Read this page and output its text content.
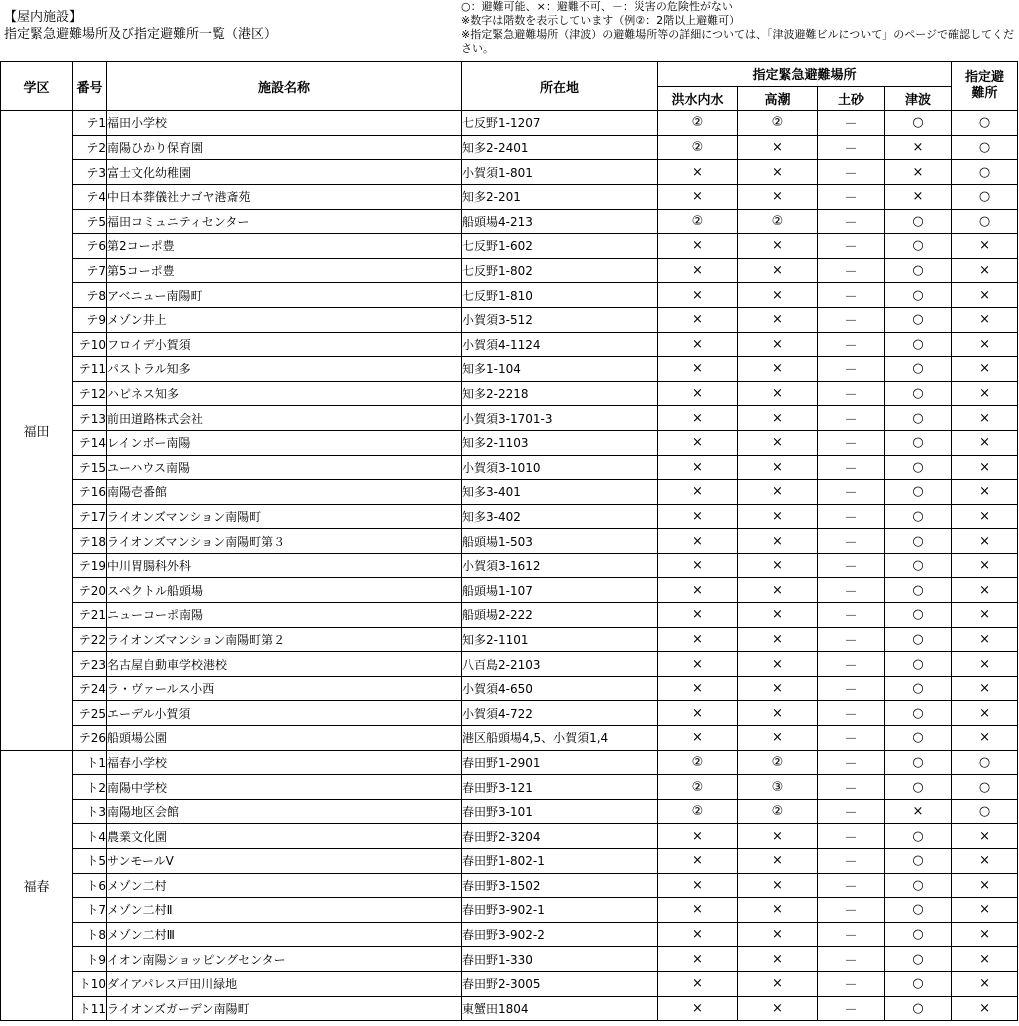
【屋内施設】
指定緊急避難場所及び指定避難所一覧（港区）
○：避難可能、×：避難不可、－：災害の危険性がない
※数字は階数を表示しています（例②：2階以上避難可）
※指定緊急避難場所（津波）の避難場所等の詳細については、「津波避難ビルについて」のページで確認してください。
学区	番号	施設名称	所在地	指定緊急避難場所				指定避難所
				洪水内水	高潮	土砂	津波	
福田	テ1	福田小学校	七反野1-1207	②	②	－	○	○
	テ2	南陽ひかり保育園	知多2-2401	②	×	－	×	○
	テ3	富士文化幼稚園	小賀須1-801	×	×	－	×	○
	テ4	中日本葬儀社ナゴヤ港斎苑	知多2-201	×	×	－	×	○
	テ5	福田コミュニティセンター	船頭場4-213	②	②	－	○	○
	テ6	第2コーポ豊	七反野1-602	×	×	－	○	×
	テ7	第5コーポ豊	七反野1-802	×	×	－	○	×
	テ8	アベニュー南陽町	七反野1-810	×	×	－	○	×
	テ9	メゾン井上	小賀須3-512	×	×	－	○	×
	テ10	フロイデ小賀須	小賀須4-1124	×	×	－	○	×
	テ11	パストラル知多	知多1-104	×	×	－	○	×
	テ12	ハピネス知多	知多2-2218	×	×	－	○	×
	テ13	前田道路株式会社	小賀須3-1701-3	×	×	－	○	×
	テ14	レインボー南陽	知多2-1103	×	×	－	○	×
	テ15	ユーハウス南陽	小賀須3-1010	×	×	－	○	×
	テ16	南陽壱番館	知多3-401	×	×	－	○	×
	テ17	ライオンズマンション南陽町	知多3-402	×	×	－	○	×
	テ18	ライオンズマンション南陽町第３	船頭場1-503	×	×	－	○	×
	テ19	中川胃腸科外科	小賀須3-1612	×	×	－	○	×
	テ20	スペクトル船頭場	船頭場1-107	×	×	－	○	×
	テ21	ニューコーポ南陽	船頭場2-222	×	×	－	○	×
	テ22	ライオンズマンション南陽町第２	知多2-1101	×	×	－	○	×
	テ23	名古屋自動車学校港校	八百島2-2103	×	×	－	○	×
	テ24	ラ・ヴァールス小西	小賀須4-650	×	×	－	○	×
	テ25	エーデル小賀須	小賀須4-722	×	×	－	○	×
	テ26	船頭場公園	港区船頭場4,5、小賀須1,4	×	×	－	○	×
福春	ト1	福春小学校	春田野1-2901	②	②	－	○	○
	ト2	南陽中学校	春田野3-121	②	③	－	○	○
	ト3	南陽地区会館	春田野3-101	②	②	－	×	○
	ト4	農業文化園	春田野2-3204	×	×	－	○	×
	ト5	サンモールⅤ	春田野1-802-1	×	×	－	○	×
	ト6	メゾン二村	春田野3-1502	×	×	－	○	×
	ト7	メゾン二村Ⅱ	春田野3-902-1	×	×	－	○	×
	ト8	メゾン二村Ⅲ	春田野3-902-2	×	×	－	○	×
	ト9	イオン南陽ショッピングセンター	春田野1-330	×	×	－	○	×
	ト10	ダイアパレス戸田川緑地	春田野2-3005	×	×	－	○	×
	ト11	ライオンズガーデン南陽町	東蟹田1804	×	×	－	○	×
